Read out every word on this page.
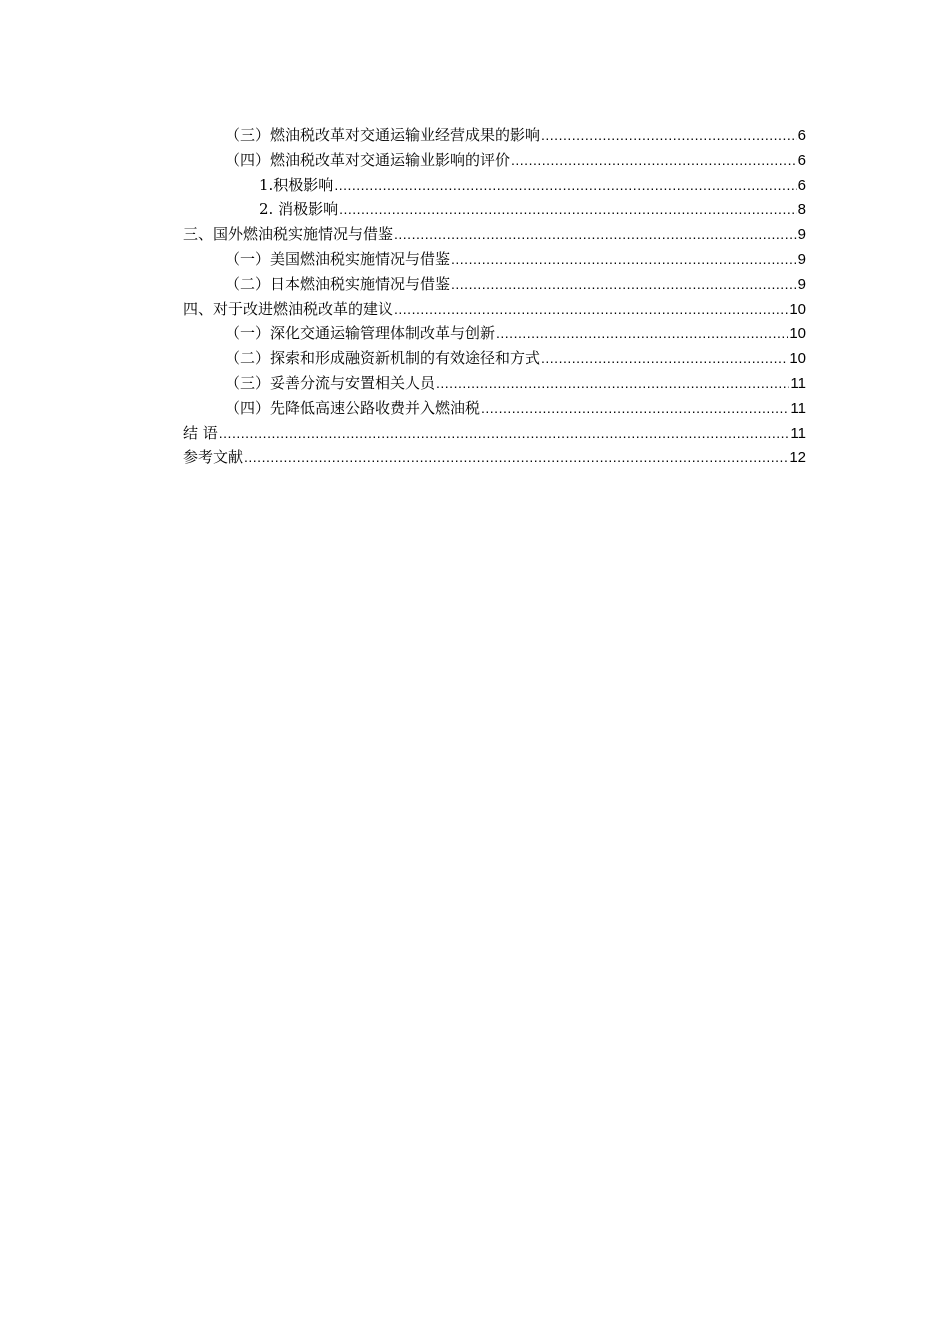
（三）燃油税改革对交通运输业经营成果的影响 .....	6
（四）燃油税改革对交通运输业影响的评价 .....	6
1.积极影响 .....	6
2. 消极影响 .....	8
三、国外燃油税实施情况与借鉴 .....	9
（一）美国燃油税实施情况与借鉴 .....	9
（二）日本燃油税实施情况与借鉴 .....	9
四、对于改进燃油税改革的建议 .....	10
（一）深化交通运输管理体制改革与创新 .....	10
（二）探索和形成融资新机制的有效途径和方式 .....	10
（三）妥善分流与安置相关人员 .....	11
（四）先降低高速公路收费并入燃油税 .....	11
结 语 .....	11
参考文献 .....	12
